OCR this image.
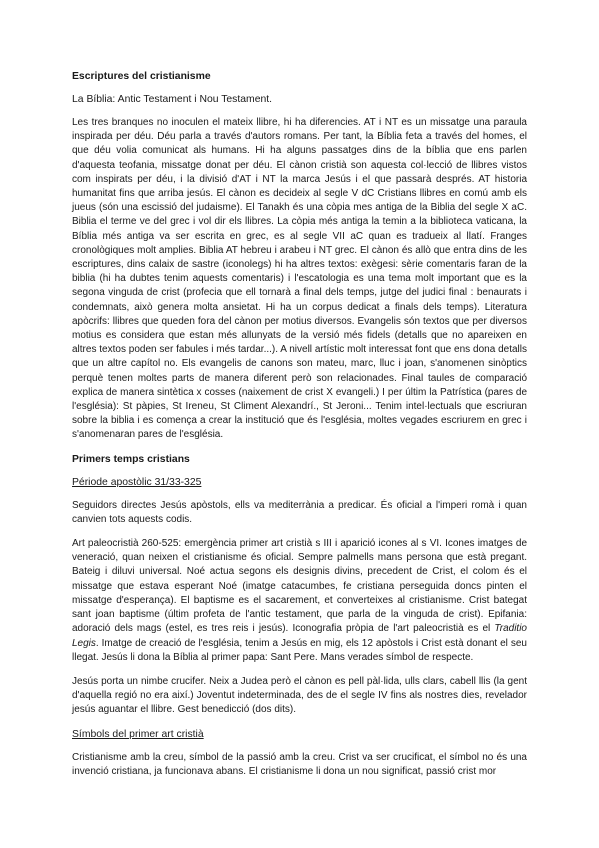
Escriptures del cristianisme
La Bíblia: Antic Testament i Nou Testament.

Les tres branques no inoculen el mateix llibre, hi ha diferencies. AT i NT es un missatge una paraula inspirada per déu. Déu parla a través d'autors romans. Per tant, la Bíblia feta a través del homes, el que déu volia comunicat als humans. Hi ha alguns passatges dins de la bíblia que ens parlen d'aquesta teofania, missatge donat per déu. El cànon cristià son aquesta col·lecció de llibres vistos com inspirats per déu, i la divisió d'AT i NT la marca Jesús i el que passarà després. AT historia humanitat fins que arriba jesús. El cànon es decideix al segle V dC Cristians llibres en comú amb els jueus (són una escissió del judaisme). El Tanakh és una còpia mes antiga de la Biblia del segle X aC. Biblia el terme ve del grec i vol dir els llibres. La còpia més antiga la temin a la biblioteca vaticana, la Bíblia més antiga va ser escrita en grec, es al segle VII aC quan es tradueix al llatí. Franges cronològiques molt amplies. Biblia AT hebreu i arabeu i NT grec. El cànon és allò que entra dins de les escriptures, dins calaix de sastre (iconolegs) hi ha altres textos: exègesi: sèrie comentaris faran de la biblia (hi ha dubtes tenim aquests comentaris) i l'escatologia es una tema molt important que es la segona vinguda de crist (profecia que ell tornarà a final dels temps, jutge del judici final : benaurats i condemnats, això genera molta ansietat. Hi ha un corpus dedicat a finals dels temps). Literatura apòcrifs: llibres que queden fora del cànon per motius diversos. Evangelis són textos que per diversos motius es considera que estan més allunyats de la versió més fidels (detalls que no apareixen en altres textos poden ser fabules i més tardar...). A nivell artístic molt interessat font que ens dona detalls que un altre capítol no. Els evangelis de canons son mateu, marc, lluc i joan, s'anomenen sinòptics perquè tenen moltes parts de manera diferent però son relacionades. Final taules de comparació explica de manera sintètica x cosses (naixement de crist X evangeli.) I per últim la Patrística (pares de l'església): St pàpies, St Ireneu, St Climent Alexandrí., St Jeroni... Tenim intel·lectuals que escriuran sobre la biblia i es comença a crear la institució que és l'església, moltes vegades escriurem en grec i s'anomenaran pares de l'església.

Primers temps cristians
Période apostòlic 31/33-325

Seguidors directes Jesús apòstols, ells va mediterrània a predicar. És oficial a l'imperi romà i quan canvien tots aquests codis.

Art paleocristià 260-525: emergència primer art cristià s III i aparició icones al s VI. Icones imatges de veneració, quan neixen el cristianisme és oficial. Sempre palmells mans persona que està pregant. Bateig i diluvi universal. Noé actua segons els designis divins, precedent de Crist, el colom és el missatge que estava esperant Noé (imatge catacumbes, fe cristiana perseguida doncs pinten el missatge d'esperança). El baptisme es el sacarement, et converteixes al cristianisme. Crist bategat sant joan baptisme (últim profeta de l'antic testament, que parla de la vinguda de crist). Epifania: adoració dels mags (estel, es tres reis i jesús). Iconografia pròpia de l'art paleocristià es el Traditio Legis. Imatge de creació de l'església, tenim a Jesús en mig, els 12 apòstols i Crist està donant el seu llegat. Jesús li dona la Bíblia al primer papa: Sant Pere. Mans verades símbol de respecte.

Jesús porta un nimbe crucifer. Neix a Judea però el cànon es pell pàl·lida, ulls clars, cabell llis (la gent d'aquella regió no era així.) Joventut indeterminada, des de el segle IV fins als nostres dies, revelador jesús aguantar el llibre. Gest benedicció (dos dits).

Símbols del primer art cristià

Cristianisme amb la creu, símbol de la passió amb la creu. Crist va ser crucificat, el símbol no és una invenció cristiana, ja funcionava abans. El cristianisme li dona un nou significat, passió crist mor
